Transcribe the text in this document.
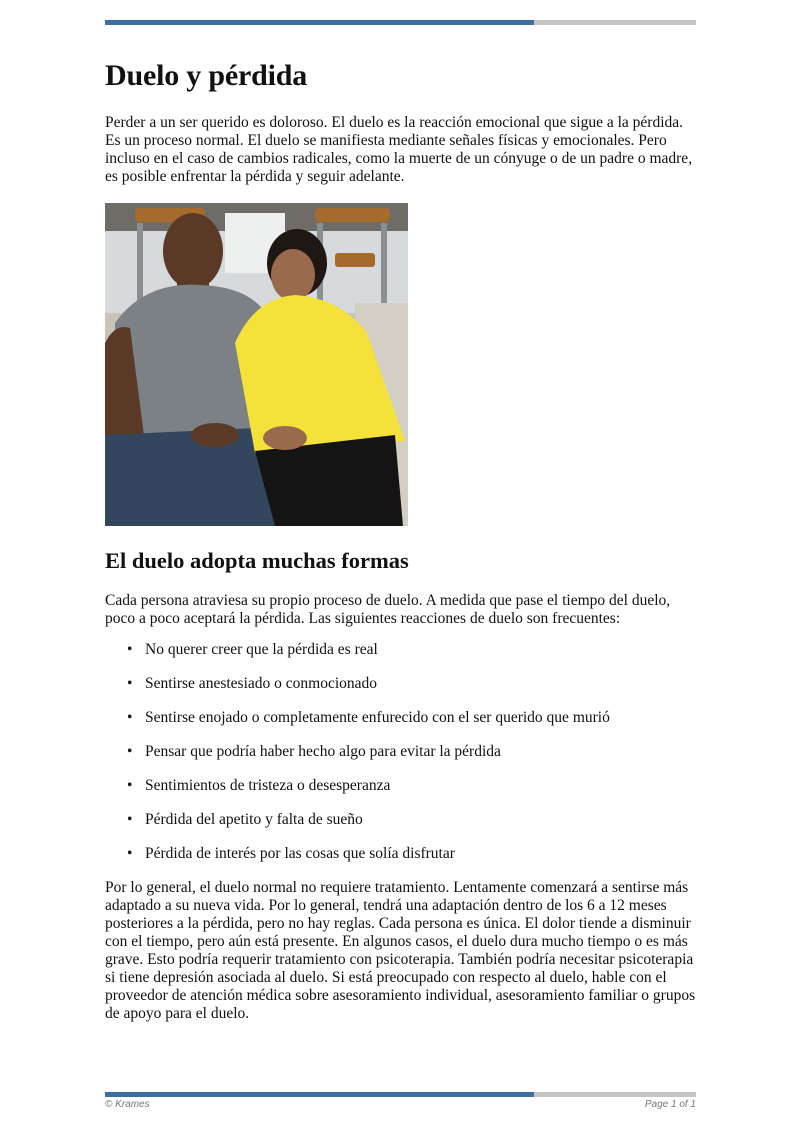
Duelo y pérdida

Perder a un ser querido es doloroso. El duelo es la reacción emocional que sigue a la pérdida. Es un proceso normal. El duelo se manifiesta mediante señales físicas y emocionales. Pero incluso en el caso de cambios radicales, como la muerte de un cónyuge o de un padre o madre, es posible enfrentar la pérdida y seguir adelante.

El duelo adopta muchas formas

Cada persona atraviesa su propio proceso de duelo. A medida que pase el tiempo del duelo, poco a poco aceptará la pérdida. Las siguientes reacciones de duelo son frecuentes:

• No querer creer que la pérdida es real
• Sentirse anestesiado o conmocionado
• Sentirse enojado o completamente enfurecido con el ser querido que murió
• Pensar que podría haber hecho algo para evitar la pérdida
• Sentimientos de tristeza o desesperanza
• Pérdida del apetito y falta de sueño
• Pérdida de interés por las cosas que solía disfrutar

Por lo general, el duelo normal no requiere tratamiento. Lentamente comenzará a sentirse más adaptado a su nueva vida. Por lo general, tendrá una adaptación dentro de los 6 a 12 meses posteriores a la pérdida, pero no hay reglas. Cada persona es única. El dolor tiende a disminuir con el tiempo, pero aún está presente. En algunos casos, el duelo dura mucho tiempo o es más grave. Esto podría requerir tratamiento con psicoterapia. También podría necesitar psicoterapia si tiene depresión asociada al duelo. Si está preocupado con respecto al duelo, hable con el proveedor de atención médica sobre asesoramiento individual, asesoramiento familiar o grupos de apoyo para el duelo.

© Krames	Page 1 of 1
